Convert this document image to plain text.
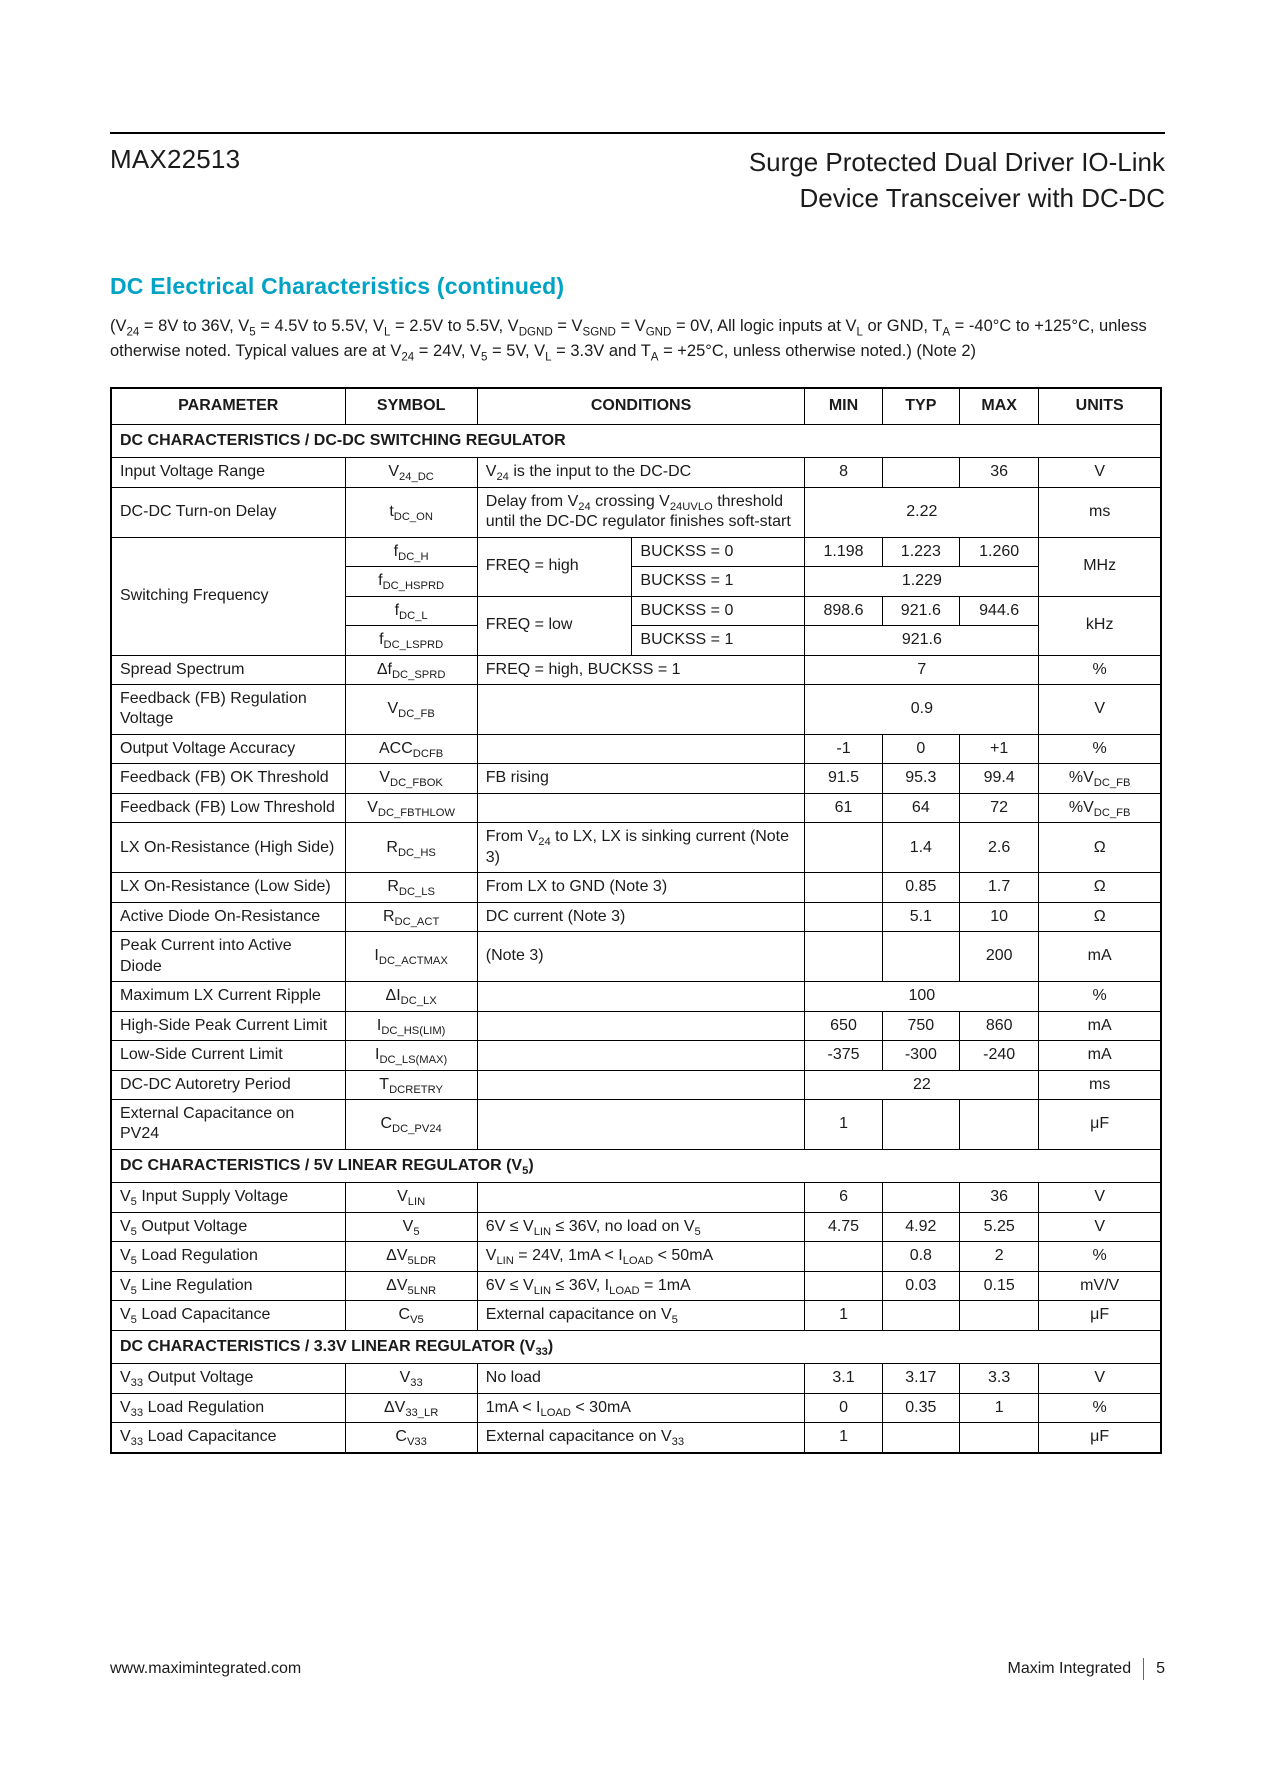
MAX22513	Surge Protected Dual Driver IO-Link
Device Transceiver with DC-DC
DC Electrical Characteristics (continued)

($V_{24} = 8V$ to 36V, $V_5 = 4.5V$ to 5.5V, $V_L = 2.5V$ to 5.5V, $V_{DGND} = V_{SGND} = V_{GND} = 0V$, All logic inputs at $V_L$ or GND, $T_A = -40^\circ C$ to +125°C, unless otherwise noted. Typical values are at $V_{24} = 24V$, $V_5 = 5V$, $V_L = 3.3V$ and $T_A = +25^\circ C$, unless otherwise noted.) (Note 2)

PARAMETER	SYMBOL	CONDITIONS		MIN	TYP	MAX	UNITS
DC CHARACTERISTICS / DC-DC SWITCHING REGULATOR							
Input Voltage Range	$V_{24\_DC}$	$V_{24}$ is the input to the DC-DC		8		36	V
DC-DC Turn-on Delay	$t_{DC\_ON}$	Delay from $V_{24}$ crossing $V_{24UVLO}$ threshold until the DC-DC regulator finishes soft-start		2.22			ms
Switching Frequency	$f_{DC\_H}$	FREQ = high	BUCKSS = 0	1.198	1.223	1.260	MHz
	$f_{DC\_HSPRD}$		BUCKSS = 1	1.229			
	$f_{DC\_L}$	FREQ = low	BUCKSS = 0	898.6	921.6	944.6	kHz
	$f_{DC\_LSPRD}$		BUCKSS = 1	921.6			
Spread Spectrum	$\Delta f_{DC\_SPRD}$	FREQ = high, BUCKSS = 1		7			%
Feedback (FB) Regulation Voltage	$V_{DC\_FB}$			0.9			V
Output Voltage Accuracy	$ACC_{DCFB}$			-1	0	+1	%
Feedback (FB) OK Threshold	$V_{DC\_FBOK}$	FB rising		91.5	95.3	99.4	$\%V_{DC\_FB}$
Feedback (FB) Low Threshold	$V_{DC\_FBTHLOW}$			61	64	72	$\%V_{DC\_FB}$
LX On-Resistance (High Side)	$R_{DC\_HS}$	From $V_{24}$ to LX, LX is sinking current (Note 3)			1.4	2.6	Ω
LX On-Resistance (Low Side)	$R_{DC\_LS}$	From LX to GND (Note 3)			0.85	1.7	Ω
Active Diode On-Resistance	$R_{DC\_ACT}$	DC current (Note 3)			5.1	10	Ω
Peak Current into Active Diode	$I_{DC\_ACTMAX}$	(Note 3)				200	mA
Maximum LX Current Ripple	$\Delta I_{DC\_LX}$			100			%
High-Side Peak Current Limit	$I_{DC\_HS(LIM)}$			650	750	860	mA
Low-Side Current Limit	$I_{DC\_LS(MAX)}$			-375	-300	-240	mA
DC-DC Autoretry Period	$T_{DCRETRY}$			22			ms
External Capacitance on PV24	$C_{DC\_PV24}$			1			μF
DC CHARACTERISTICS / 5V LINEAR REGULATOR $(V_5)$							
$V_5$ Input Supply Voltage	$V_{LIN}$			6		36	V
$V_5$ Output Voltage	$V_5$	$6V \le V_{LIN} \le 36V$, no load on $V_5$		4.75	4.92	5.25	V
$V_5$ Load Regulation	$\Delta V_{5LDR}$	$V_{LIN} = 24V$, $1mA < I_{LOAD} < 50mA$			0.8	2	%
$V_5$ Line Regulation	$\Delta V_{5LNR}$	$6V \le V_{LIN} \le 36V$, $I_{LOAD} = 1mA$			0.03	0.15	mV/V
$V_5$ Load Capacitance	$C_{V5}$	External capacitance on $V_5$		1			μF
DC CHARACTERISTICS / 3.3V LINEAR REGULATOR $(V_{33})$							
$V_{33}$ Output Voltage	$V_{33}$	No load		3.1	3.17	3.3	V
$V_{33}$ Load Regulation	$\Delta V_{33\_LR}$	$1mA < I_{LOAD} < 30mA$		0	0.35	1	%
$V_{33}$ Load Capacitance	$C_{V33}$	External capacitance on $V_{33}$		1			μF
www.maximintegrated.com	Maxim Integrated 5
